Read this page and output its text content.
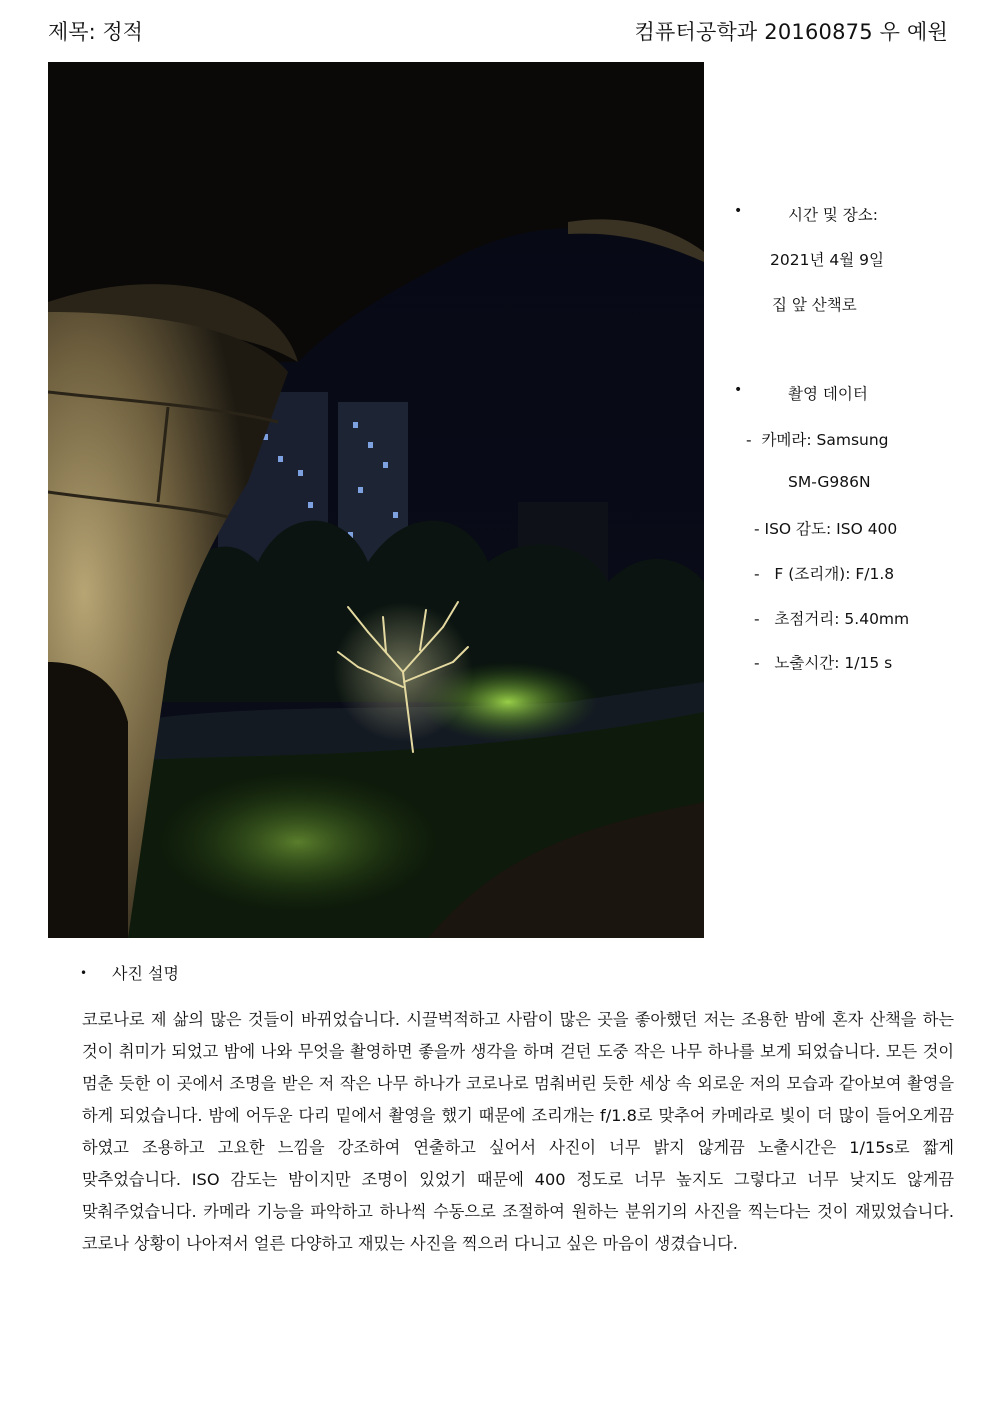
제목: 정적	컴퓨터공학과 20160875 우 예원
•	시간 및 장소:
2021년 4월 9일
집 앞 산책로
•	촬영 데이터
-  카메라: Samsung
SM-G986N
- ISO 감도: ISO 400
-   F (조리개): F/1.8
-   초점거리: 5.40mm
-   노출시간: 1/15 s
• 사진 설명
코로나로 제 삶의 많은 것들이 바뀌었습니다. 시끌벅적하고 사람이 많은 곳을 좋아했던 저는 조용한 밤에 혼자 산책을 하는 것이 취미가 되었고 밤에 나와 무엇을 촬영하면 좋을까 생각을 하며 걷던 도중 작은 나무 하나를 보게 되었습니다. 모든 것이 멈춘 듯한 이 곳에서 조명을 받은 저 작은 나무 하나가 코로나로 멈춰버린 듯한 세상 속 외로운 저의 모습과 같아보여 촬영을 하게 되었습니다. 밤에 어두운 다리 밑에서 촬영을 했기 때문에 조리개는 f/1.8로 맞추어 카메라로 빛이 더 많이 들어오게끔 하였고 조용하고 고요한 느낌을 강조하여 연출하고 싶어서 사진이 너무 밝지 않게끔 노출시간은 1/15s로 짧게 맞추었습니다. ISO 감도는 밤이지만 조명이 있었기 때문에 400 정도로 너무 높지도 그렇다고 너무 낮지도 않게끔 맞춰주었습니다. 카메라 기능을 파악하고 하나씩 수동으로 조절하여 원하는 분위기의 사진을 찍는다는 것이 재밌었습니다. 코로나 상황이 나아져서 얼른 다양하고 재밌는 사진을 찍으러 다니고 싶은 마음이 생겼습니다.
